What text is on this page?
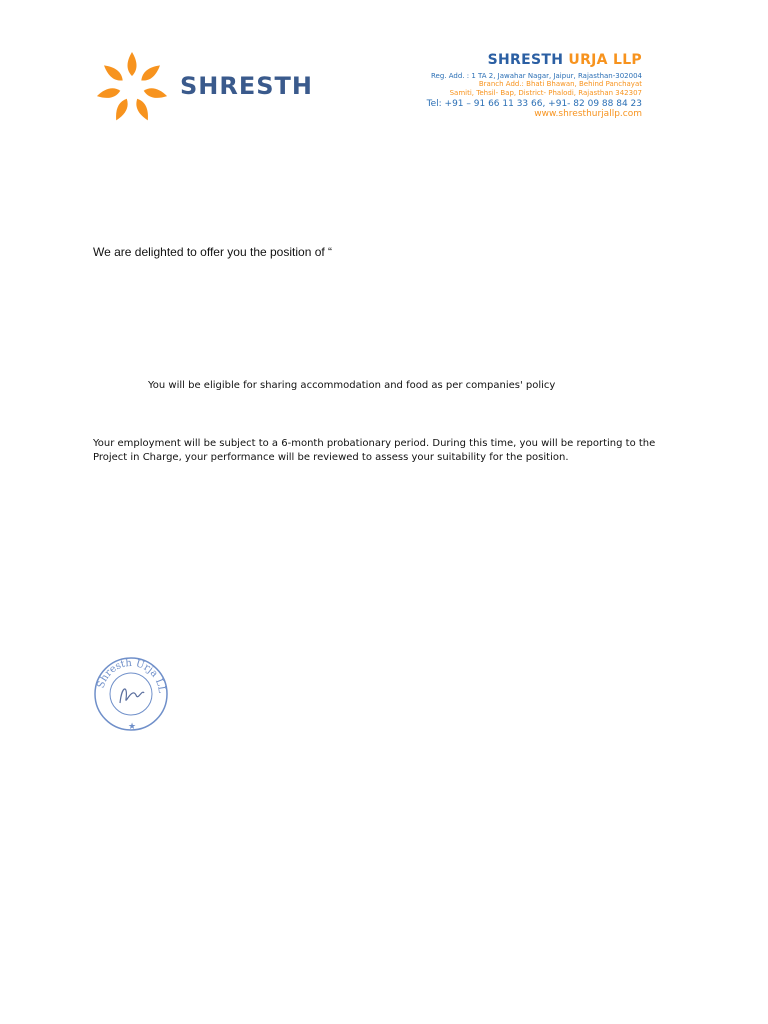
SHRESTH
SHRESTH URJA LLP
Reg. Add. : 1 TA 2, Jawahar Nagar, Jaipur, Rajasthan-302004
Branch Add.: Bhati Bhawan, Behind Panchayat
Samiti, Tehsil- Bap, District- Phalodi, Rajasthan 342307
Tel: +91 – 91 66 11 33 66, +91- 82 09 88 84 23
www.shresthurjallp.com
We are delighted to offer you the position of “
You will be eligible for sharing accommodation and food as per companies' policy
Your employment will be subject to a 6-month probationary period. During this time, you will be reporting to the Project in Charge, your performance will be reviewed to assess your suitability for the position.
Shresth Urja LL
★
